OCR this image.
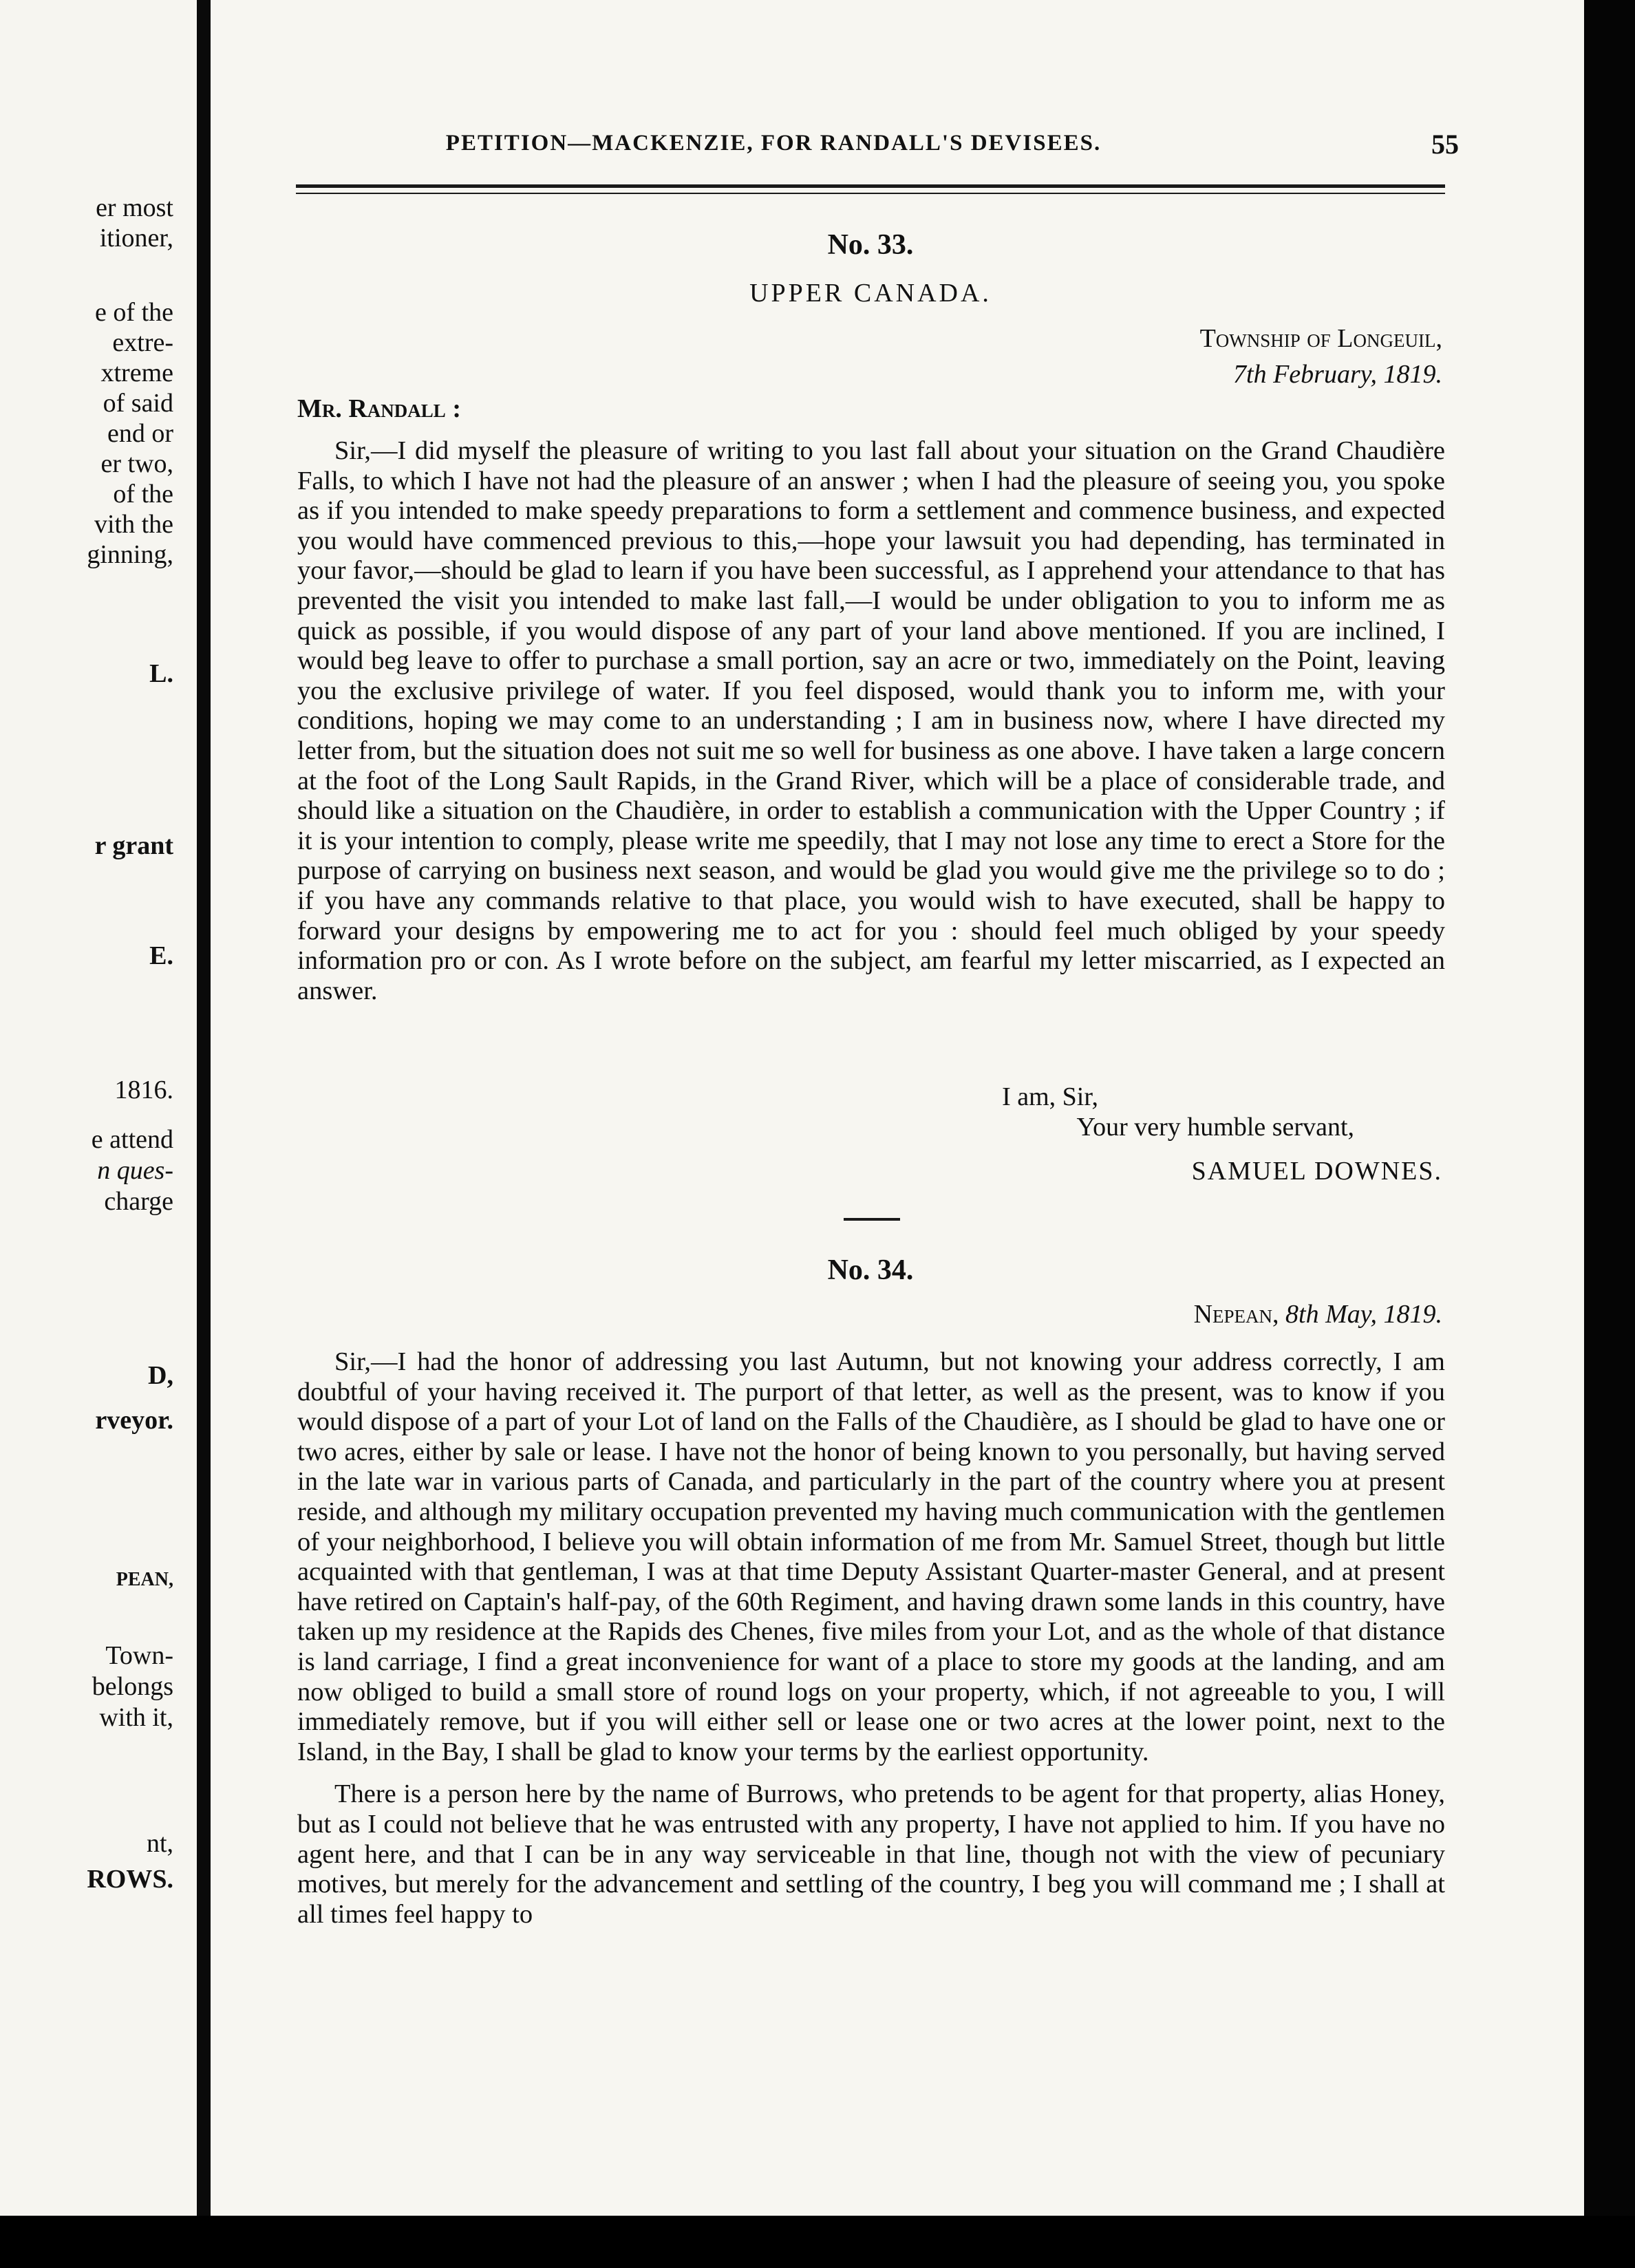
er most
itioner,
e of the
extre-
xtreme
of said
end or
er two,
of the
vith the
ginning,
L.
r grant
E.
1816.
e attend
n ques-
charge
D,
rveyor.
PEAN,
Town-
belongs
with it,
nt,
ROWS.
PETITION—MACKENZIE, FOR RANDALL'S DEVISEES.	55
No. 33.
UPPER CANADA.
Township of Longeuil,
7th February, 1819.
Mr. Randall :

Sir,—I did myself the pleasure of writing to you last fall about your situation on the Grand Chaudière Falls, to which I have not had the pleasure of an answer ; when I had the pleasure of seeing you, you spoke as if you intended to make speedy preparations to form a settlement and commence business, and expected you would have commenced previous to this,—hope your lawsuit you had depending, has terminated in your favor,—should be glad to learn if you have been successful, as I apprehend your attendance to that has prevented the visit you intended to make last fall,—I would be under obligation to you to inform me as quick as possible, if you would dispose of any part of your land above mentioned. If you are inclined, I would beg leave to offer to purchase a small portion, say an acre or two, immediately on the Point, leaving you the exclusive privilege of water. If you feel disposed, would thank you to inform me, with your conditions, hoping we may come to an understanding ; I am in business now, where I have directed my letter from, but the situation does not suit me so well for business as one above. I have taken a large concern at the foot of the Long Sault Rapids, in the Grand River, which will be a place of considerable trade, and should like a situation on the Chaudière, in order to establish a communication with the Upper Country ; if it is your intention to comply, please write me speedily, that I may not lose any time to erect a Store for the purpose of carrying on business next season, and would be glad you would give me the privilege so to do ; if you have any commands relative to that place, you would wish to have executed, shall be happy to forward your designs by empowering me to act for you : should feel much obliged by your speedy information pro or con. As I wrote before on the subject, am fearful my letter miscarried, as I expected an answer.

I am, Sir,
Your very humble servant,
SAMUEL DOWNES.
No. 34.
Nepean, 8th May, 1819.

Sir,—I had the honor of addressing you last Autumn, but not knowing your address correctly, I am doubtful of your having received it. The purport of that letter, as well as the present, was to know if you would dispose of a part of your Lot of land on the Falls of the Chaudière, as I should be glad to have one or two acres, either by sale or lease. I have not the honor of being known to you personally, but having served in the late war in various parts of Canada, and particularly in the part of the country where you at present reside, and although my military occupation prevented my having much communication with the gentlemen of your neighborhood, I believe you will obtain information of me from Mr. Samuel Street, though but little acquainted with that gentleman, I was at that time Deputy Assistant Quarter-master General, and at present have retired on Captain's half-pay, of the 60th Regiment, and having drawn some lands in this country, have taken up my residence at the Rapids des Chenes, five miles from your Lot, and as the whole of that distance is land carriage, I find a great inconvenience for want of a place to store my goods at the landing, and am now obliged to build a small store of round logs on your property, which, if not agreeable to you, I will immediately remove, but if you will either sell or lease one or two acres at the lower point, next to the Island, in the Bay, I shall be glad to know your terms by the earliest opportunity.

There is a person here by the name of Burrows, who pretends to be agent for that property, alias Honey, but as I could not believe that he was entrusted with any property, I have not applied to him. If you have no agent here, and that I can be in any way serviceable in that line, though not with the view of pecuniary motives, but merely for the advancement and settling of the country, I beg you will command me ; I shall at all times feel happy to
